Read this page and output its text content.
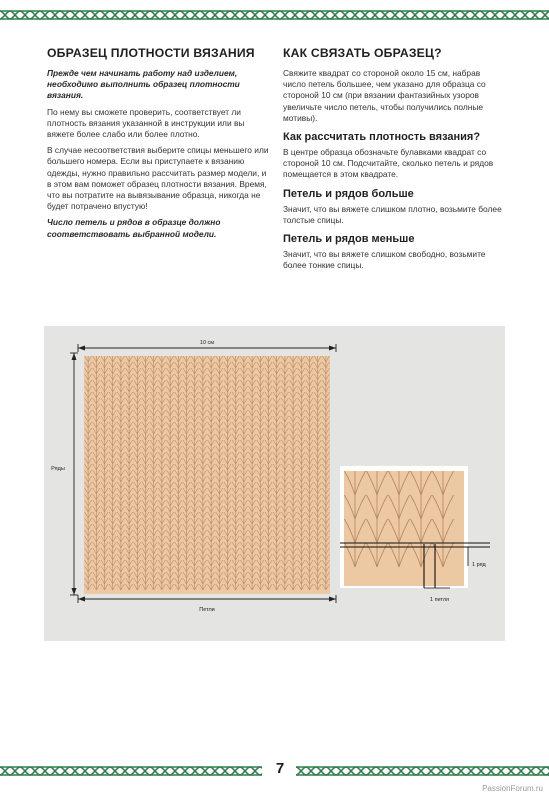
ОБРАЗЕЦ ПЛОТНОСТИ ВЯЗАНИЯ

Прежде чем начинать работу над изделием, необходимо выполнить образец плотности вязания.

По нему вы сможете проверить, соответствует ли плотность вязания указанной в инструкции или вы вяжете более слабо или более плотно.

В случае несоответствия выберите спицы меньшего или большего номера. Если вы приступаете к вязанию одежды, нужно правильно рассчитать размер модели, и в этом вам поможет образец плотности вязания. Время, что вы потратите на вывязывание образца, никогда не будет потрачено впустую!

Число петель и рядов в образце должно соответствовать выбранной модели.

КАК СВЯЗАТЬ ОБРАЗЕЦ?

Свяжите квадрат со стороной около 15 см, набрав число петель большее, чем указано для образца со стороной 10 см (при вязании фантазийных узоров увеличьте число петель, чтобы получились полные мотивы).

Как рассчитать плотность вязания?

В центре образца обозначьте булавками квадрат со стороной 10 см. Подсчитайте, сколько петель и рядов помещается в этом квадрате.

Петель и рядов больше

Значит, что вы вяжете слишком плотно, возьмите более толстые спицы.

Петель и рядов меньше

Значит, что вы вяжете слишком свободно, возьмите более тонкие спицы.

10 см
Ряды
Петли
1 ряд
1 петля
7
PassionForum.ru
